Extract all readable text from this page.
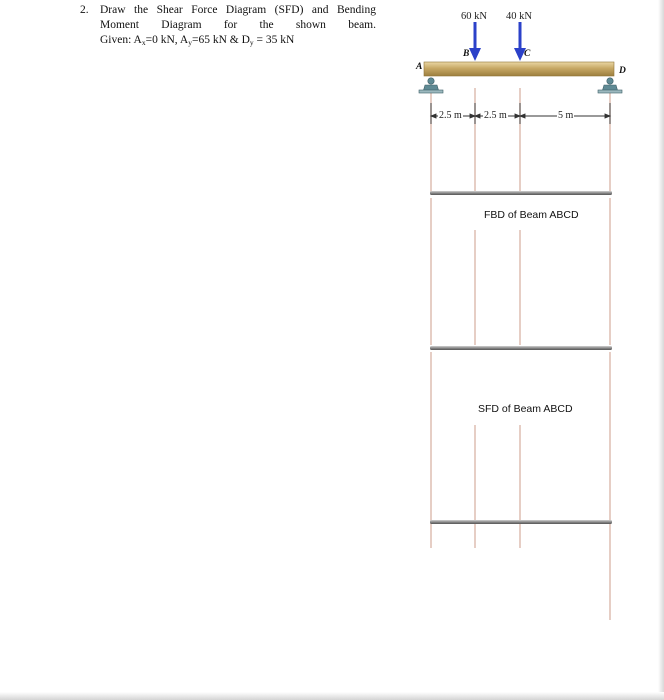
2. Draw the Shear Force Diagram (SFD) and Bending
Moment Diagram for the shown beam.
Given: $A_x=0$ kN, $A_y=65$ kN & $D_y = 35$ kN
60 kN 40 kN
A
B	C
D
2.5 m 2.5 m	5 m
FBD of Beam ABCD
SFD of Beam ABCD
